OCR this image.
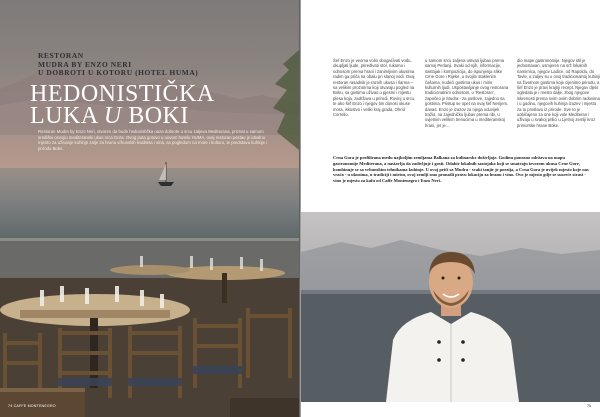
RESTORAN
MUDRA BY ENZO NERI
U DOBROTI U KOTORU (HOTEL HUMA)
HEDONISTIČKA
LUKA U BOKI
Restoran Mudra by Enzo Neri, otvoren da bude hedonistička oaza dobrote u srcu zaljeva Mediterana, priznat u samom središtu osvojio mediteranski ukus srca Gora. Ovog puta gotovo u novom hotelu HUMA, ovaj restoran postao je idealno mjesto za uživanje kuhinje zalje za hranu vrhunskih kvaliteta i vina, sa pogledom na more i kulturu, te predstavu kuhinje i prirodu Boke.
74 CAFFE MONTENEGRO
Šef Enzo je veoma volio obogaćivati vodu, okupljati ljude, priređivati stol, rukama i odnosom prema hrani i zanimljivim ukusima radim ga priča na obalu pri slanoj vodi. Ovaj restoran rasadnik je raznih ukusa i šarma – sa velikim prozorima koji otvaraju pogled na Boku, sa gostima uživao u pjesmi i mjestu plesa koja, zadržava u prirodi, Rovinj u srcu, te ako šef Enzo i njegov tim donosi okuse mora, iskustvo i veliki kraj grada, Ohrid Correlio.
u samom srcu zaljeva ustvari ljubav prema samoj Perlanji. Svaki od njih, informacije, sastojak i kompozicija, do ispunjenja slike Crne Gore i Rijeke, u svojim staklenim čašama, nudeći gostima ukus i miris kulturnih ljudi. Uspostavljanje ovog restorana tradicionalnim odnosom, u 'Restoran', započeo je Mudra - za poslove, zajedno sa gostima. Pristup se opet na ovaj šef Nerijem, danas. Enzo je izazov za njega oduvijek tražio, na zajedničku ljubav prema ribi, u uvjetnim velikim trenucima u mediteranskoj hrani, jer je...
dio mape gastronomije. Njegov stil je jednostavan, usmjeren na srž lokalnih namirnica, njegov Ladice, od Rapoldu, do Tavle, a zaljev su u ovoj tradicionalnoj kuhinji sa životnom gostima koje cijenimo prirodu, a šef Enzo je pravi krajnji recept. Njegov djelo ogledala je i mesto dalje, zbog njegove iskrenosti prema svim ovim dobrim radovima i u godinu, njegovih kuhinja izuzev i mjesto za tu proslavu iz prirode. Sve to je uobičajeno za one koji vole Mediteran i uživaju u svakoj prilici u Ljetnoj zemlji kroz primorske hrane Boke.
Crna Gora je profilirana među najboljim zemljama Balkana za kulinarske doživljaje. Godinu ponosno održava na mapu gastronomije Mediterana, a nastavlja da zadivljuje i gosti. Odabir lokalnih sastojaka koji se smatraju izvorom ukusa Crne Gore, kombinuje se sa vrhunskim tehnikama kuhinje. U ovoj priči sa Mudra - svaki tanjir je poezija, a Crna Gora je uvijek mjesto koje nas vraća - u ukusima, u tradiciji i mirisu, ovoj zemlji smo pronašli pravu lokaciju za hranu i vino. Ovo je mjesto gdje se susreće strast - vino je mjesto za kafu od Caffe Montenegro i Enzo Neri.
75
